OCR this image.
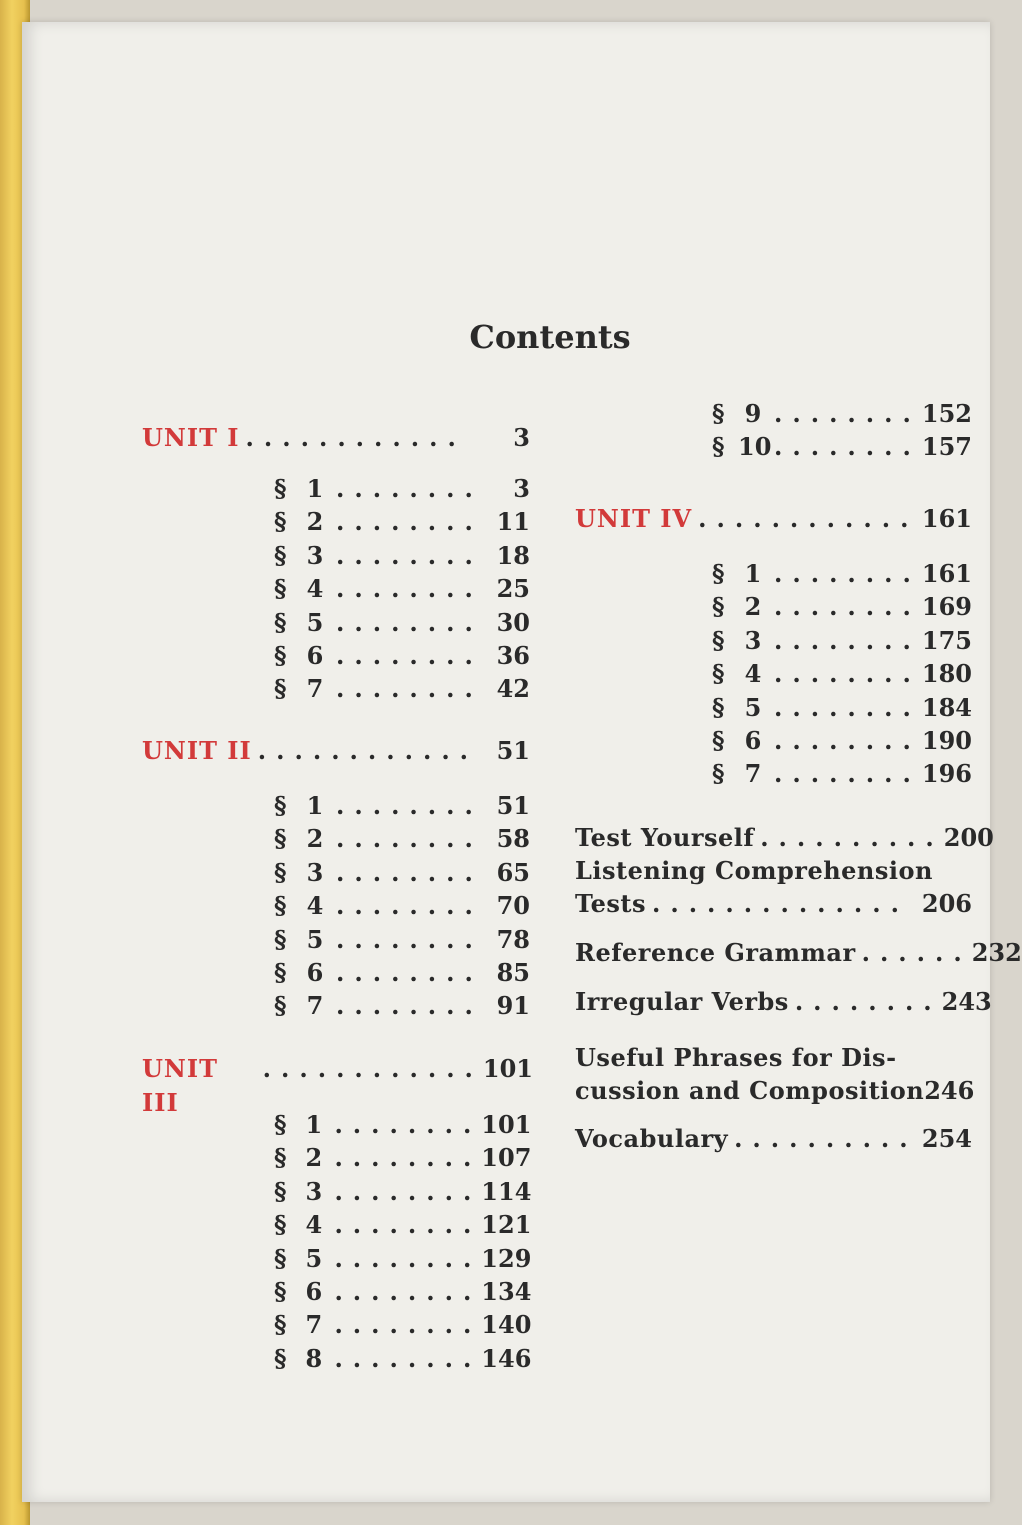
Contents
UNIT I ............	3
§ 1 ........	3
§ 2 ........ 11
§ 3 ........ 18
§ 4 ........ 25
§ 5 ........ 30
§ 6 ........ 36
§ 7 ........ 42
UNIT II ............ 51
§ 1 ........ 51
§ 2 ........ 58
§ 3 ........ 65
§ 4 ........ 70
§ 5 ........ 78
§ 6 ........ 85
§ 7 ........ 91
UNIT III
............ 101
§ 1 ........ 101
§ 2 ........ 107
§ 3 ........ 114
§ 4 ........ 121
§ 5 ........ 129
§ 6 ........ 134
§ 7 ........ 140
§ 8 ........ 146
§ 9 ........ 152
§ 10 ........ 157
UNIT IV ............ 161
§ 1 ........ 161
§ 2 ........ 169
§ 3 ........ 175
§ 4 ........ 180
§ 5 ........ 184
§ 6 ........ 190
§ 7 ........ 196
Test Yourself .......... 200
Listening Comprehension
Tests .............. 206
Reference Grammar ...... 232
Irregular Verbs ........ 243
Useful Phrases for Dis-
cussion and Composition 246
Vocabulary .......... 254
